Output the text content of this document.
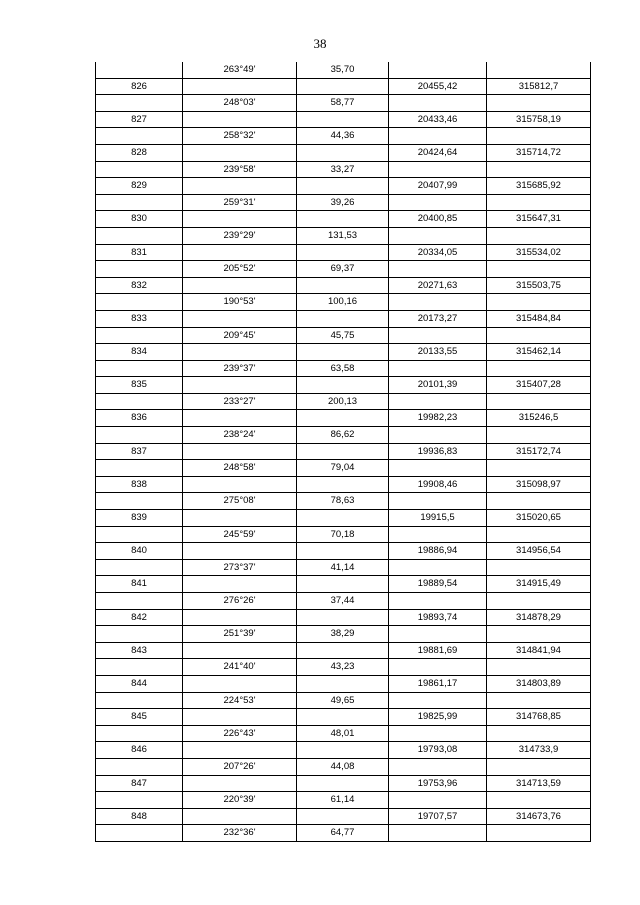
38
	263°49'	35,70		
826			20455,42	315812,7
	248°03'	58,77		
827			20433,46	315758,19
	258°32'	44,36		
828			20424,64	315714,72
	239°58'	33,27		
829			20407,99	315685,92
	259°31'	39,26		
830			20400,85	315647,31
	239°29'	131,53		
831			20334,05	315534,02
	205°52'	69,37		
832			20271,63	315503,75
	190°53'	100,16		
833			20173,27	315484,84
	209°45'	45,75		
834			20133,55	315462,14
	239°37'	63,58		
835			20101,39	315407,28
	233°27'	200,13		
836			19982,23	315246,5
	238°24'	86,62		
837			19936,83	315172,74
	248°58'	79,04		
838			19908,46	315098,97
	275°08'	78,63		
839			19915,5	315020,65
	245°59'	70,18		
840			19886,94	314956,54
	273°37'	41,14		
841			19889,54	314915,49
	276°26'	37,44		
842			19893,74	314878,29
	251°39'	38,29		
843			19881,69	314841,94
	241°40'	43,23		
844			19861,17	314803,89
	224°53'	49,65		
845			19825,99	314768,85
	226°43'	48,01		
846			19793,08	314733,9
	207°26'	44,08		
847			19753,96	314713,59
	220°39'	61,14		
848			19707,57	314673,76
	232°36'	64,77		
